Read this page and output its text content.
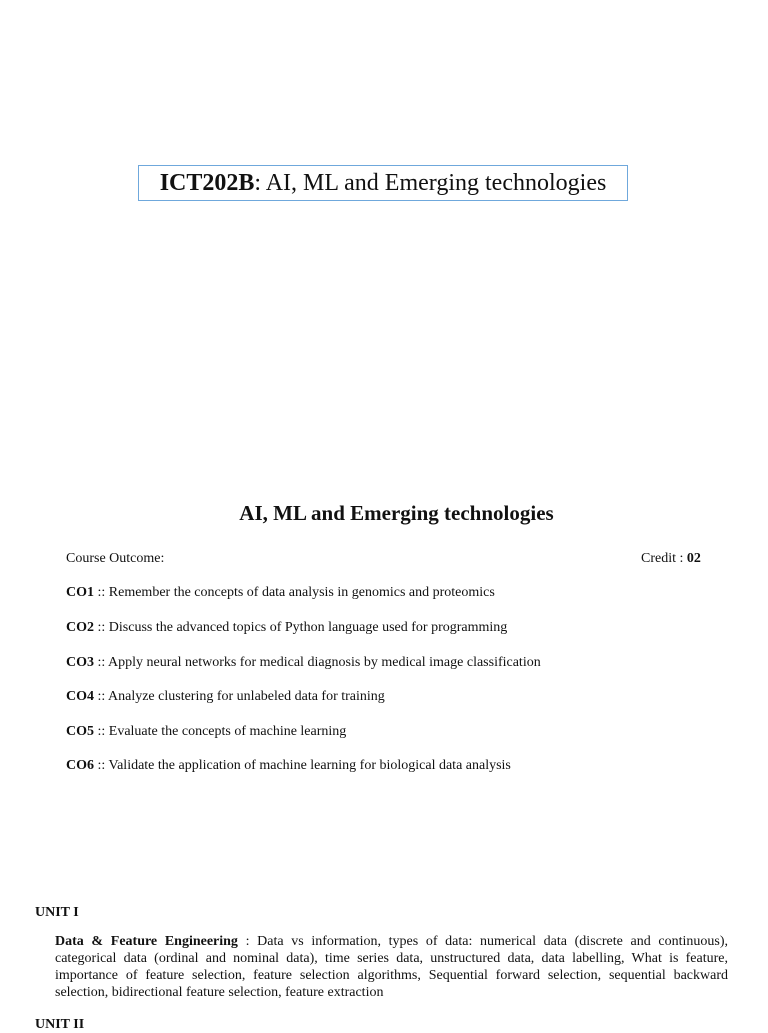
ICT202B : AI, ML and Emerging technologies
AI, ML and Emerging technologies
Course Outcome:	Credit : 02
CO1 :: Remember the concepts of data analysis in genomics and proteomics
CO2 :: Discuss the advanced topics of Python language used for programming
CO3 :: Apply neural networks for medical diagnosis by medical image classification
CO4 :: Analyze clustering for unlabeled data for training
CO5 :: Evaluate the concepts of machine learning
CO6 :: Validate the application of machine learning for biological data analysis
UNIT I
Data & Feature Engineering : Data vs information, types of data: numerical data (discrete and continuous), categorical data (ordinal and nominal data), time series data, unstructured data, data labelling, What is feature, importance of feature selection, feature selection algorithms, Sequential forward selection, sequential backward selection, bidirectional feature selection, feature extraction
UNIT II
